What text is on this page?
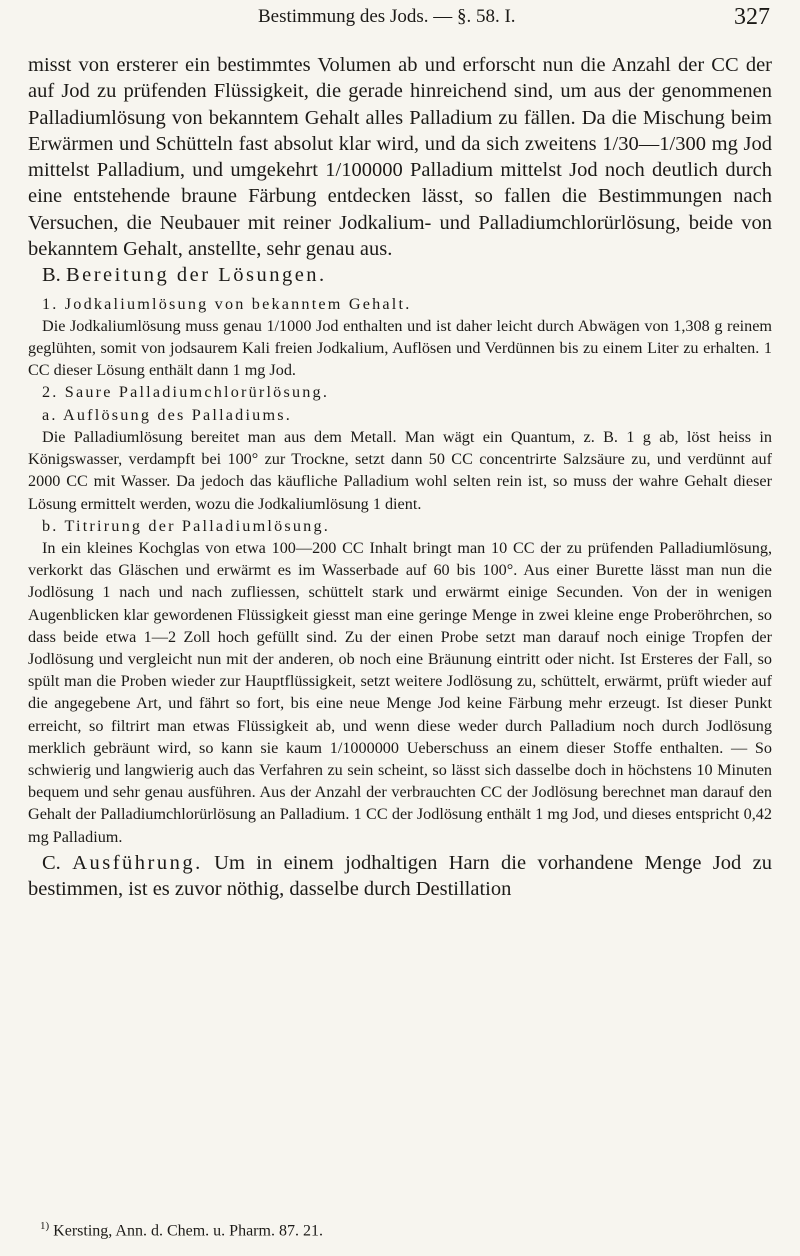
Bestimmung des Jods. — §. 58. I.	327

misst von ersterer ein bestimmtes Volumen ab und erforscht nun die Anzahl der CC der auf Jod zu prüfenden Flüssigkeit, die gerade hinreichend sind, um aus der genommenen Palladiumlösung von bekanntem Gehalt alles Palladium zu fällen. Da die Mischung beim Erwärmen und Schütteln fast absolut klar wird, und da sich zweitens 1/30—1/300 mg Jod mittelst Palladium, und umgekehrt 1/100000 Palladium mittelst Jod noch deutlich durch eine entstehende braune Färbung entdecken lässt, so fallen die Bestimmungen nach Versuchen, die Neubauer mit reiner Jodkalium- und Palladiumchlorürlösung, beide von bekanntem Gehalt, anstellte, sehr genau aus.

B. Bereitung der Lösungen.

1. Jodkaliumlösung von bekanntem Gehalt.

Die Jodkaliumlösung muss genau 1/1000 Jod enthalten und ist daher leicht durch Abwägen von 1,308 g reinem geglühten, somit von jodsaurem Kali freien Jodkalium, Auflösen und Verdünnen bis zu einem Liter zu erhalten. 1 CC dieser Lösung enthält dann 1 mg Jod.

2. Saure Palladiumchlorürlösung.

a. Auflösung des Palladiums.

Die Palladiumlösung bereitet man aus dem Metall. Man wägt ein Quantum, z. B. 1 g ab, löst heiss in Königswasser, verdampft bei 100° zur Trockne, setzt dann 50 CC concentrirte Salzsäure zu, und verdünnt auf 2000 CC mit Wasser. Da jedoch das käufliche Palladium wohl selten rein ist, so muss der wahre Gehalt dieser Lösung ermittelt werden, wozu die Jodkaliumlösung 1 dient.

b. Titrirung der Palladiumlösung.

In ein kleines Kochglas von etwa 100—200 CC Inhalt bringt man 10 CC der zu prüfenden Palladiumlösung, verkorkt das Gläschen und erwärmt es im Wasserbade auf 60 bis 100°. Aus einer Burette lässt man nun die Jodlösung 1 nach und nach zufliessen, schüttelt stark und erwärmt einige Secunden. Von der in wenigen Augenblicken klar gewordenen Flüssigkeit giesst man eine geringe Menge in zwei kleine enge Proberöhrchen, so dass beide etwa 1—2 Zoll hoch gefüllt sind. Zu der einen Probe setzt man darauf noch einige Tropfen der Jodlösung und vergleicht nun mit der anderen, ob noch eine Bräunung eintritt oder nicht. Ist Ersteres der Fall, so spült man die Proben wieder zur Hauptflüssigkeit, setzt weitere Jodlösung zu, schüttelt, erwärmt, prüft wieder auf die angegebene Art, und fährt so fort, bis eine neue Menge Jod keine Färbung mehr erzeugt. Ist dieser Punkt erreicht, so filtrirt man etwas Flüssigkeit ab, und wenn diese weder durch Palladium noch durch Jodlösung merklich gebräunt wird, so kann sie kaum 1/1000000 Ueberschuss an einem dieser Stoffe enthalten. — So schwierig und langwierig auch das Verfahren zu sein scheint, so lässt sich dasselbe doch in höchstens 10 Minuten bequem und sehr genau ausführen. Aus der Anzahl der verbrauchten CC der Jodlösung berechnet man darauf den Gehalt der Palladiumchlorürlösung an Palladium. 1 CC der Jodlösung enthält 1 mg Jod, und dieses entspricht 0,42 mg Palladium.

C. Ausführung. Um in einem jodhaltigen Harn die vorhandene Menge Jod zu bestimmen, ist es zuvor nöthig, dasselbe durch Destillation

$^{1)}$ Kersting, Ann. d. Chem. u. Pharm. 87. 21.
